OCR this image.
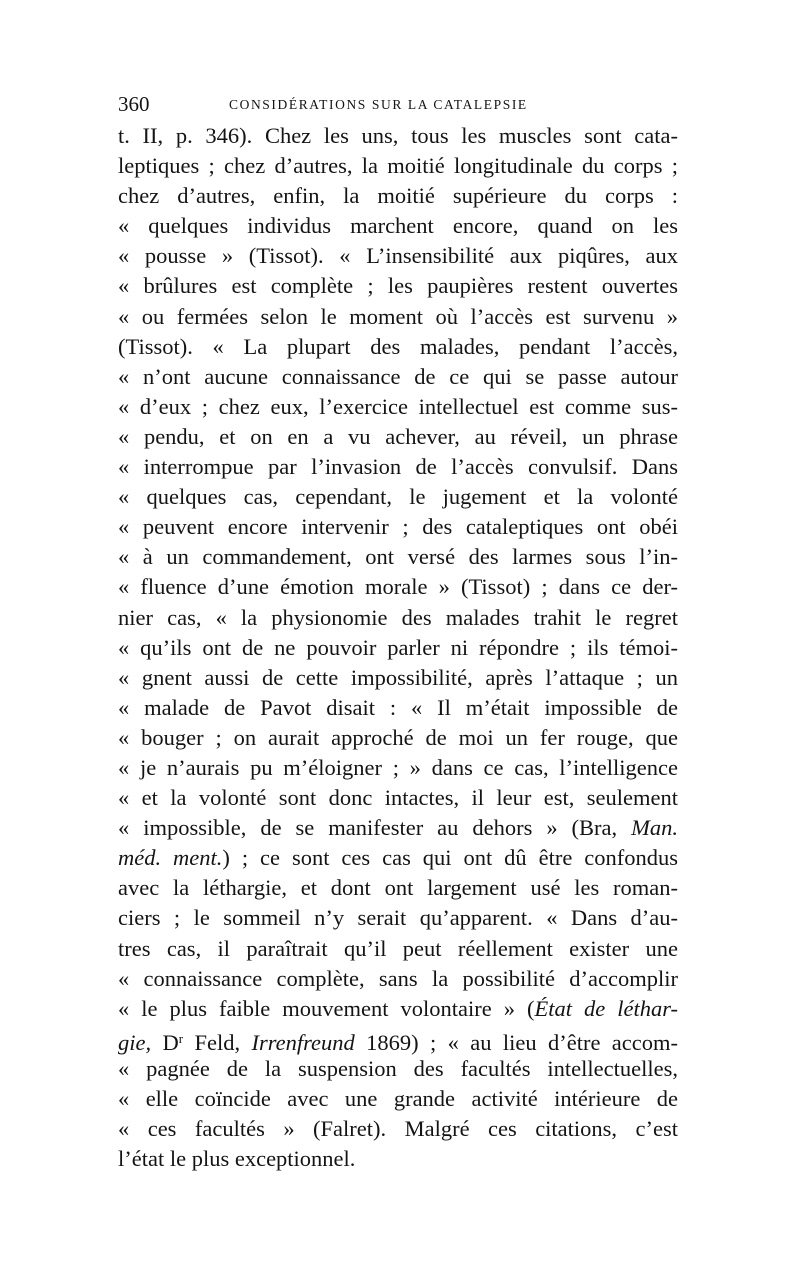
360	CONSIDÉRATIONS SUR LA CATALEPSIE
t. II, p. 346). Chez les uns, tous les muscles sont cata-
leptiques ; chez d’autres, la moitié longitudinale du corps ;
chez d’autres, enfin, la moitié supérieure du corps :
« quelques individus marchent encore, quand on les
« pousse » (Tissot). « L’insensibilité aux piqûres, aux
« brûlures est complète ; les paupières restent ouvertes
« ou fermées selon le moment où l’accès est survenu »
(Tissot). « La plupart des malades, pendant l’accès,
« n’ont aucune connaissance de ce qui se passe autour
« d’eux ; chez eux, l’exercice intellectuel est comme sus-
« pendu, et on en a vu achever, au réveil, un phrase
« interrompue par l’invasion de l’accès convulsif. Dans
« quelques cas, cependant, le jugement et la volonté
« peuvent encore intervenir ; des cataleptiques ont obéi
« à un commandement, ont versé des larmes sous l’in-
« fluence d’une émotion morale » (Tissot) ; dans ce der-
nier cas, « la physionomie des malades trahit le regret
« qu’ils ont de ne pouvoir parler ni répondre ; ils témoi-
« gnent aussi de cette impossibilité, après l’attaque ; un
« malade de Pavot disait : « Il m’était impossible de
« bouger ; on aurait approché de moi un fer rouge, que
« je n’aurais pu m’éloigner ; » dans ce cas, l’intelligence
« et la volonté sont donc intactes, il leur est, seulement
« impossible, de se manifester au dehors » (Bra, Man.
méd. ment.) ; ce sont ces cas qui ont dû être confondus
avec la léthargie, et dont ont largement usé les roman-
ciers ; le sommeil n’y serait qu’apparent. « Dans d’au-
tres cas, il paraîtrait qu’il peut réellement exister une
« connaissance complète, sans la possibilité d’accomplir
« le plus faible mouvement volontaire » (État de léthar-
gie, $D^r$ Feld, Irrenfreund 1869) ; « au lieu d’être accom-
« pagnée de la suspension des facultés intellectuelles,
« elle coïncide avec une grande activité intérieure de
« ces facultés » (Falret). Malgré ces citations, c’est
l’état le plus exceptionnel.
